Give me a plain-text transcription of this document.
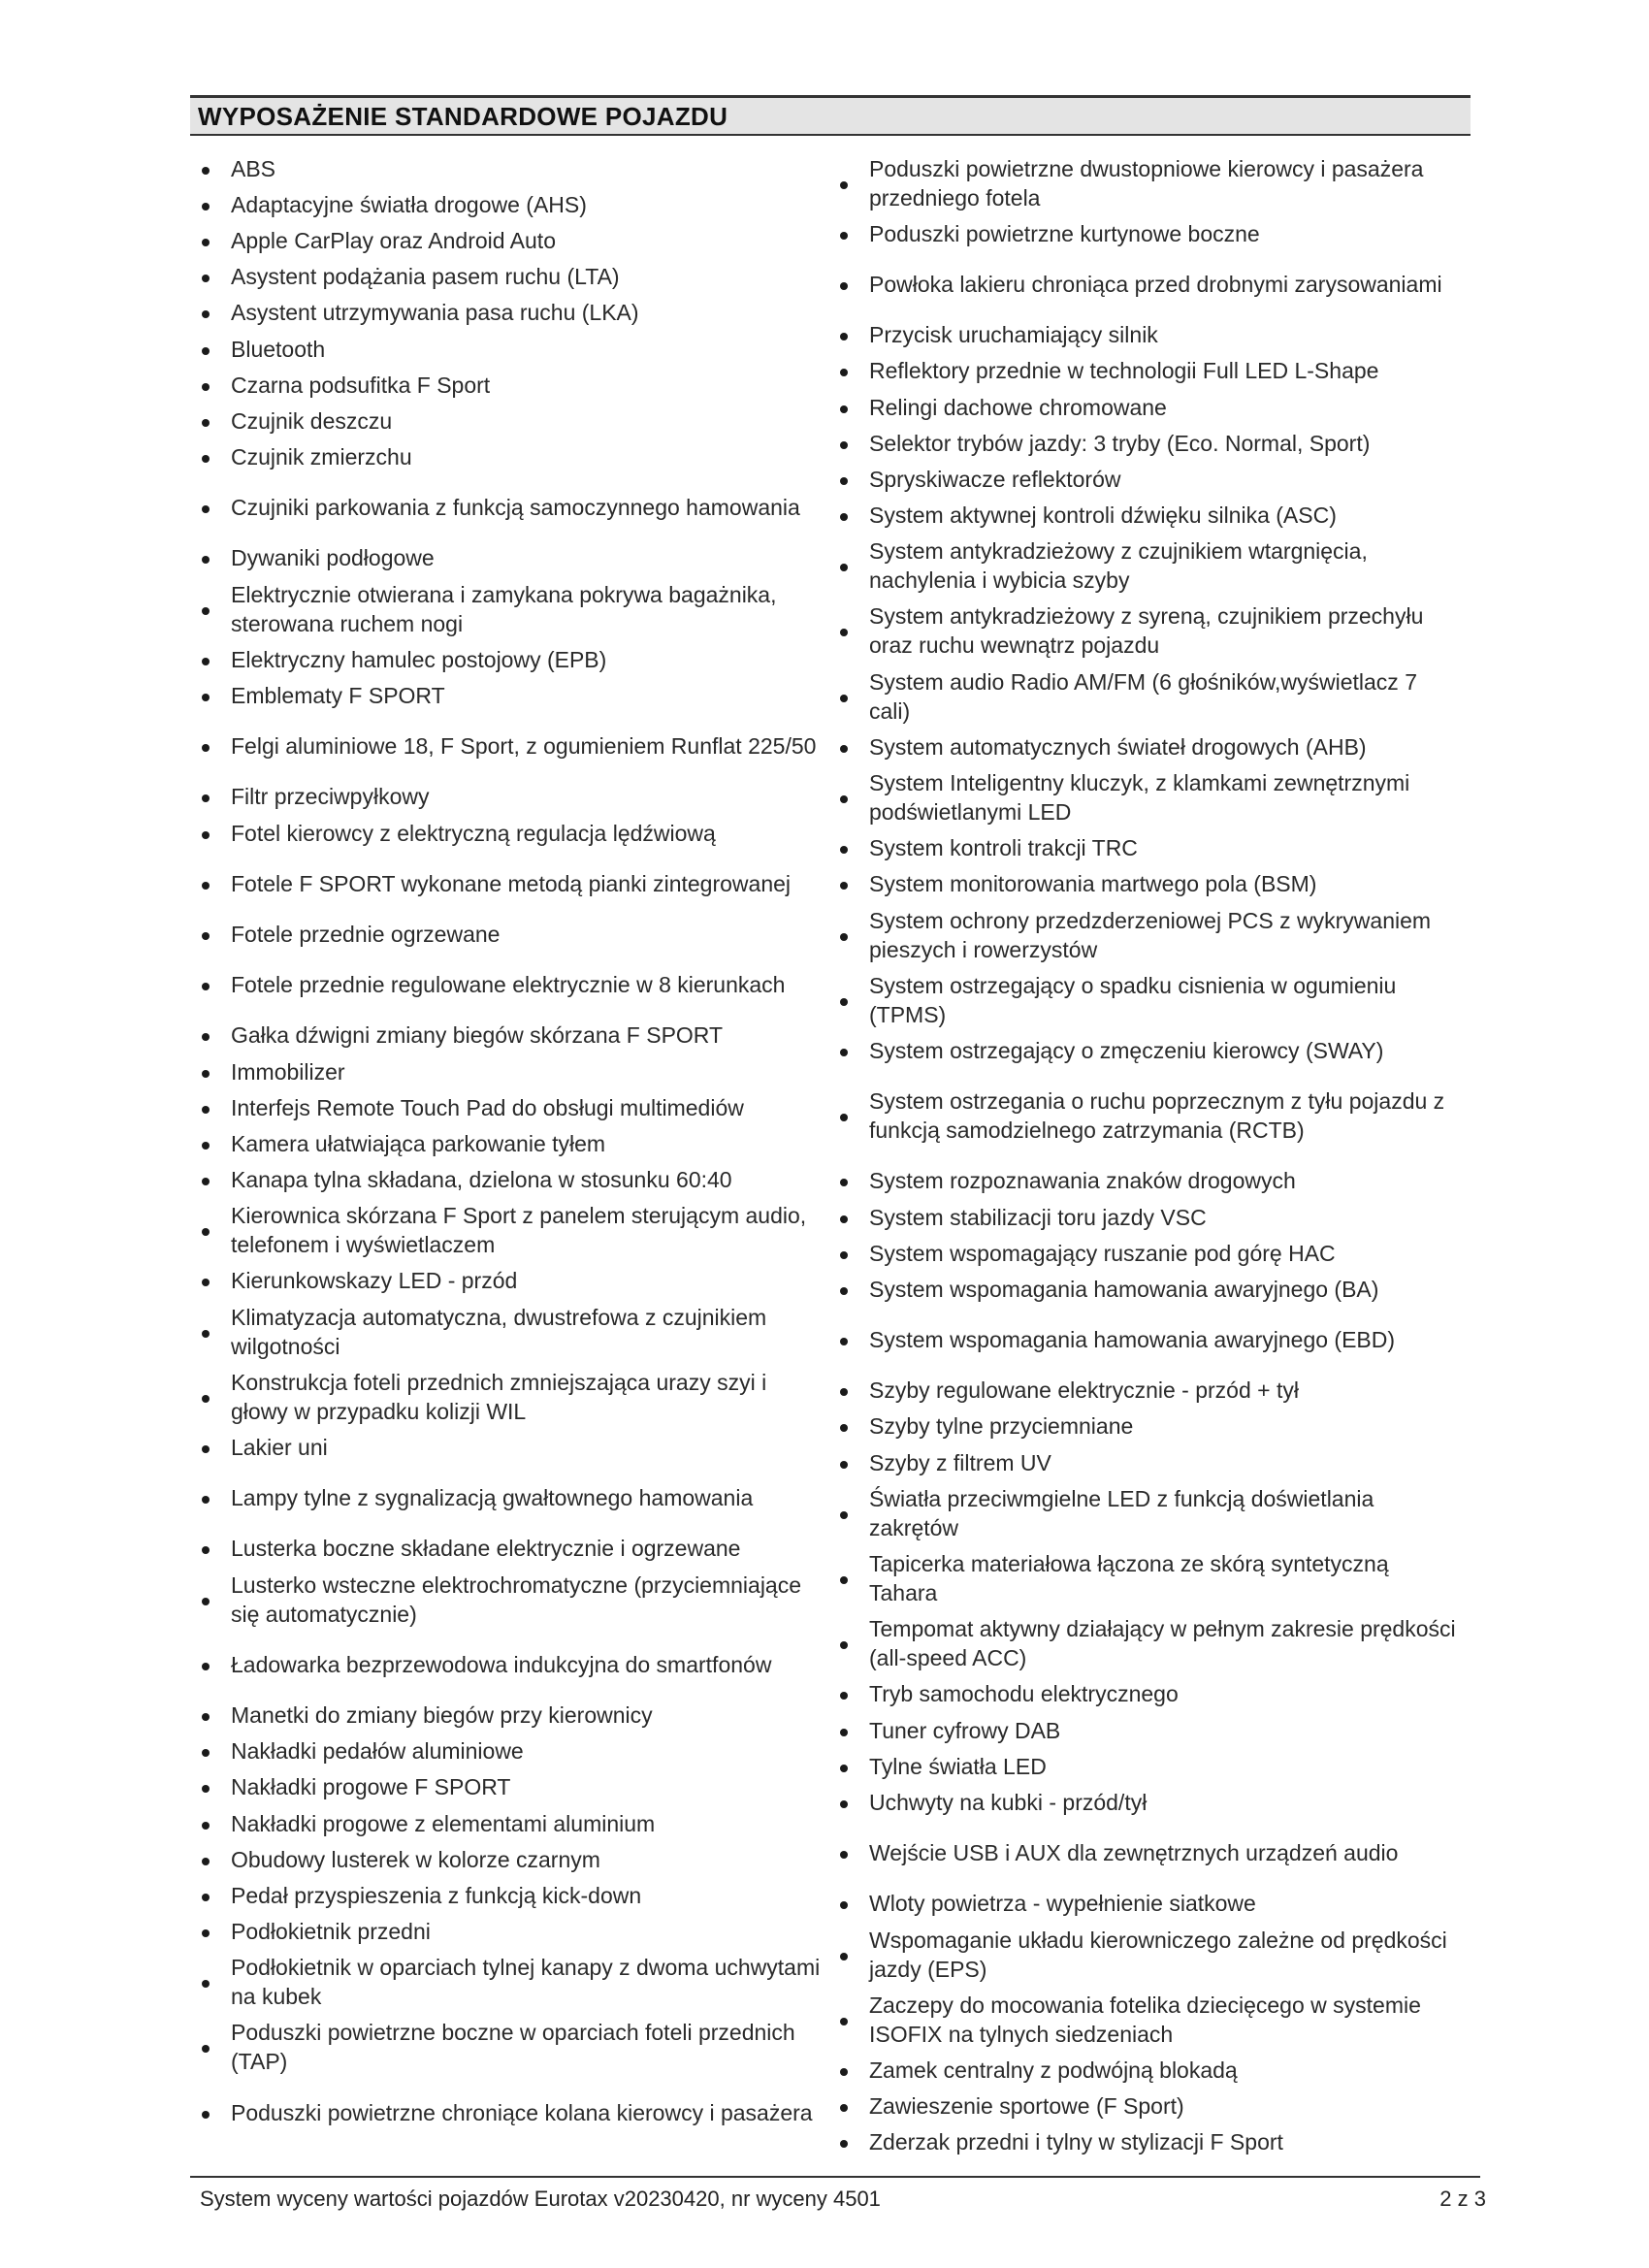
WYPOSAŻENIE STANDARDOWE POJAZDU
ABS
Adaptacyjne światła drogowe (AHS)
Apple CarPlay oraz Android Auto
Asystent podążania pasem ruchu (LTA)
Asystent utrzymywania pasa ruchu (LKA)
Bluetooth
Czarna podsufitka F Sport
Czujnik deszczu
Czujnik zmierzchu
Czujniki parkowania z funkcją samoczynnego hamowania
Dywaniki podłogowe
Elektrycznie otwierana i zamykana pokrywa bagażnika, sterowana ruchem nogi
Elektryczny hamulec postojowy (EPB)
Emblematy F SPORT
Felgi aluminiowe 18, F Sport, z ogumieniem Runflat 225/50
Filtr przeciwpyłkowy
Fotel kierowcy z elektryczną regulacja lędźwiową
Fotele F SPORT wykonane metodą pianki zintegrowanej
Fotele przednie ogrzewane
Fotele przednie regulowane elektrycznie w 8 kierunkach
Gałka dźwigni zmiany biegów skórzana F SPORT
Immobilizer
Interfejs Remote Touch Pad do obsługi multimediów
Kamera ułatwiająca parkowanie tyłem
Kanapa tylna składana, dzielona w stosunku 60:40
Kierownica skórzana F Sport z panelem sterującym audio, telefonem i wyświetlaczem
Kierunkowskazy LED - przód
Klimatyzacja automatyczna, dwustrefowa z czujnikiem wilgotności
Konstrukcja foteli przednich zmniejszająca urazy szyi i głowy w przypadku kolizji WIL
Lakier uni
Lampy tylne z sygnalizacją gwałtownego hamowania
Lusterka boczne składane elektrycznie i ogrzewane
Lusterko wsteczne elektrochromatyczne (przyciemniające się automatycznie)
Ładowarka bezprzewodowa indukcyjna do smartfonów
Manetki do zmiany biegów przy kierownicy
Nakładki pedałów aluminiowe
Nakładki progowe F SPORT
Nakładki progowe z elementami aluminium
Obudowy lusterek w kolorze czarnym
Pedał przyspieszenia z funkcją kick-down
Podłokietnik przedni
Podłokietnik w oparciach tylnej kanapy z dwoma uchwytami na kubek
Poduszki powietrzne boczne w oparciach foteli przednich (TAP)
Poduszki powietrzne chroniące kolana kierowcy i pasażera
Poduszki powietrzne dwustopniowe kierowcy i pasażera przedniego fotela
Poduszki powietrzne kurtynowe boczne
Powłoka lakieru chroniąca przed drobnymi zarysowaniami
Przycisk uruchamiający silnik
Reflektory przednie w technologii Full LED L-Shape
Relingi dachowe chromowane
Selektor trybów jazdy: 3 tryby (Eco. Normal, Sport)
Spryskiwacze reflektorów
System aktywnej kontroli dźwięku silnika (ASC)
System antykradzieżowy z czujnikiem wtargnięcia, nachylenia i wybicia szyby
System antykradzieżowy z syreną, czujnikiem przechyłu oraz ruchu wewnątrz pojazdu
System audio Radio AM/FM (6 głośników,wyświetlacz 7 cali)
System automatycznych świateł drogowych (AHB)
System Inteligentny kluczyk, z klamkami zewnętrznymi podświetlanymi LED
System kontroli trakcji TRC
System monitorowania martwego pola (BSM)
System ochrony przedzderzeniowej PCS z wykrywaniem pieszych i rowerzystów
System ostrzegający o spadku cisnienia w ogumieniu (TPMS)
System ostrzegający o zmęczeniu kierowcy (SWAY)
System ostrzegania o ruchu poprzecznym z tyłu pojazdu z funkcją samodzielnego zatrzymania (RCTB)
System rozpoznawania znaków drogowych
System stabilizacji toru jazdy VSC
System wspomagający ruszanie pod górę HAC
System wspomagania hamowania awaryjnego (BA)
System wspomagania hamowania awaryjnego (EBD)
Szyby regulowane elektrycznie - przód + tył
Szyby tylne przyciemniane
Szyby z filtrem UV
Światła przeciwmgielne LED z funkcją doświetlania zakrętów
Tapicerka materiałowa łączona ze skórą syntetyczną Tahara
Tempomat aktywny działający w pełnym zakresie prędkości (all-speed ACC)
Tryb samochodu elektrycznego
Tuner cyfrowy DAB
Tylne światła LED
Uchwyty na kubki - przód/tył
Wejście USB i AUX dla zewnętrznych urządzeń audio
Wloty powietrza - wypełnienie siatkowe
Wspomaganie układu kierowniczego zależne od prędkości jazdy (EPS)
Zaczepy do mocowania fotelika dziecięcego w systemie ISOFIX na tylnych siedzeniach
Zamek centralny z podwójną blokadą
Zawieszenie sportowe (F Sport)
Zderzak przedni i tylny w stylizacji F Sport
System wyceny wartości pojazdów Eurotax v20230420, nr wyceny 4501	2 z 3
